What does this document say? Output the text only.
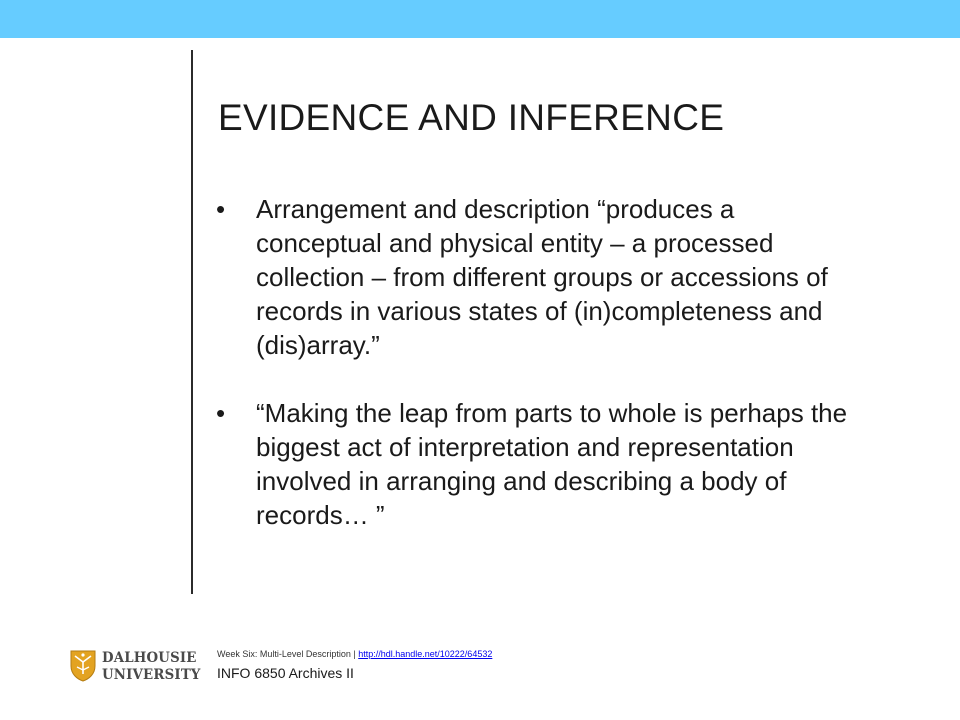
EVIDENCE AND INFERENCE
• Arrangement and description “produces a conceptual and physical entity – a processed collection – from different groups or accessions of records in various states of (in)completeness and (dis)array.”
• “Making the leap from parts to whole is perhaps the biggest act of interpretation and representation involved in arranging and describing a body of records… ”
DALHOUSIE
UNIVERSITY
Week Six: Multi-Level Description | http://hdl.handle.net/10222/64532
INFO 6850 Archives II
